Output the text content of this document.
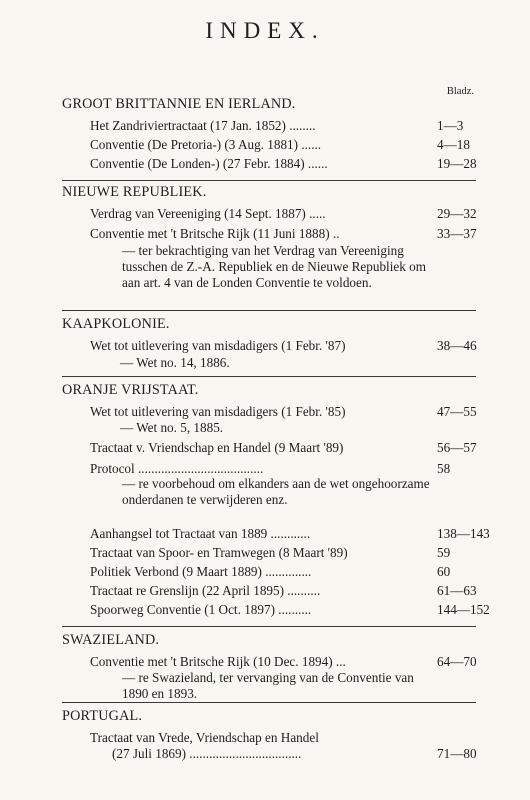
INDEX.
Bladz.
GROOT BRITTANNIE EN IERLAND.
Het Zandriviertractaat (17 Jan. 1852) ........	1—3
Conventie (De Pretoria-) (3 Aug. 1881) ......	4—18
Conventie (De Londen-) (27 Febr. 1884) ......	19—28
NIEUWE REPUBLIEK.
Verdrag van Vereeniging (14 Sept. 1887) .....	29—32
Conventie met 't Britsche Rijk (11 Juni 1888) ..	33—37
— ter bekrachtiging van het Verdrag van Vereeniging tusschen de Z.-A. Republiek en de Nieuwe Republiek om aan art. 4 van de Londen Conventie te voldoen.
KAAPKOLONIE.
Wet tot uitlevering van misdadigers (1 Febr. '87)	38—46
— Wet no. 14, 1886.
ORANJE VRIJSTAAT.
Wet tot uitlevering van misdadigers (1 Febr. '85)	47—55
— Wet no. 5, 1885.
Tractaat v. Vriendschap en Handel (9 Maart '89)	56—57
Protocol ......................................	58
— re voorbehoud om elkanders aan de wet ongehoorzame onderdanen te verwijderen enz.
Aanhangsel tot Tractaat van 1889 ............	138—143
Tractaat van Spoor- en Tramwegen (8 Maart '89)	59
Politiek Verbond (9 Maart 1889) ..............	60
Tractaat re Grenslijn (22 April 1895) ..........	61—63
Spoorweg Conventie (1 Oct. 1897) ..........	144—152
SWAZIELAND.
Conventie met 't Britsche Rijk (10 Dec. 1894) ...	64—70
— re Swazieland, ter vervanging van de Conventie van 1890 en 1893.
PORTUGAL.
Tractaat van Vrede, Vriendschap en Handel
(27 Juli 1869) ..................................	71—80
